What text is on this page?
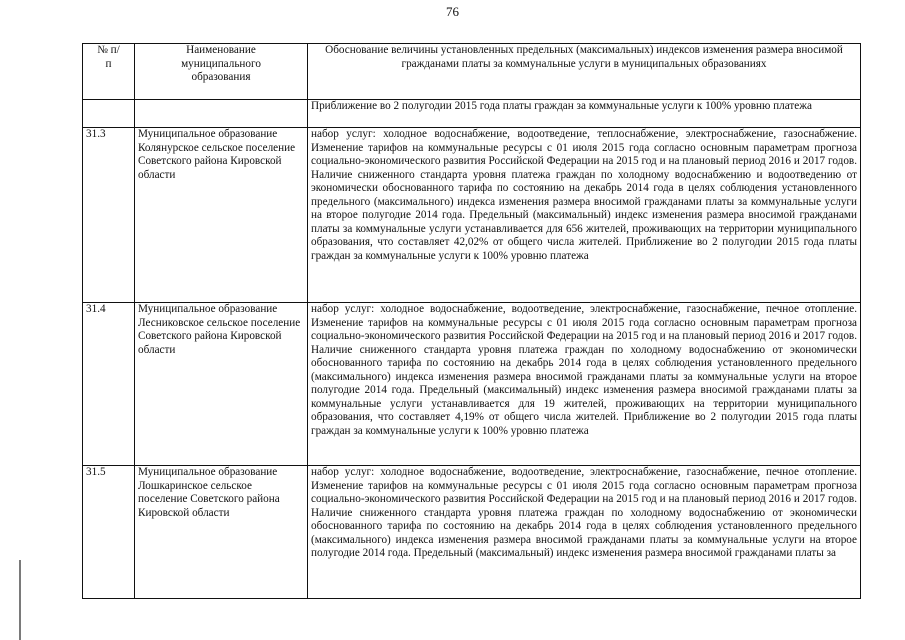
76
№ п/п	Наименование муниципального образования	Обоснование величины установленных предельных (максимальных) индексов изменения размера вносимой гражданами платы за коммунальные услуги в муниципальных образованиях
		Приближение во 2 полугодии 2015 года платы граждан за коммунальные услуги к 100% уровню платежа
31.3	Муниципальное образование Колянурское сельское поселение Советского района Кировской области	набор услуг: холодное водоснабжение, водоотведение, теплоснабжение, электроснабжение, газоснабжение. Изменение тарифов на коммунальные ресурсы с 01 июля 2015 года согласно основным параметрам прогноза социально-экономического развития Российской Федерации на 2015 год и на плановый период 2016 и 2017 годов. Наличие сниженного стандарта уровня платежа граждан по холодному водоснабжению и водоотведению от экономически обоснованного тарифа по состоянию на декабрь 2014 года в целях соблюдения установленного предельного (максимального) индекса изменения размера вносимой гражданами платы за коммунальные услуги на второе полугодие 2014 года. Предельный (максимальный) индекс изменения размера вносимой гражданами платы за коммунальные услуги устанавливается для 656 жителей, проживающих на территории муниципального образования, что составляет 42,02% от общего числа жителей. Приближение во 2 полугодии 2015 года платы граждан за коммунальные услуги к 100% уровню платежа
31.4	Муниципальное образование Лесниковское сельское поселение Советского района Кировской области	набор услуг: холодное водоснабжение, водоотведение, электроснабжение, газоснабжение, печное отопление. Изменение тарифов на коммунальные ресурсы с 01 июля 2015 года согласно основным параметрам прогноза социально-экономического развития Российской Федерации на 2015 год и на плановый период 2016 и 2017 годов. Наличие сниженного стандарта уровня платежа граждан по холодному водоснабжению от экономически обоснованного тарифа по состоянию на декабрь 2014 года в целях соблюдения установленного предельного (максимального) индекса изменения размера вносимой гражданами платы за коммунальные услуги на второе полугодие 2014 года. Предельный (максимальный) индекс изменения размера вносимой гражданами платы за коммунальные услуги устанавливается для 19 жителей, проживающих на территории муниципального образования, что составляет 4,19% от общего числа жителей. Приближение во 2 полугодии 2015 года платы граждан за коммунальные услуги к 100% уровню платежа
31.5	Муниципальное образование Лошкаринское сельское поселение Советского района Кировской области	набор услуг: холодное водоснабжение, водоотведение, электроснабжение, газоснабжение, печное отопление. Изменение тарифов на коммунальные ресурсы с 01 июля 2015 года согласно основным параметрам прогноза социально-экономического развития Российской Федерации на 2015 год и на плановый период 2016 и 2017 годов. Наличие сниженного стандарта уровня платежа граждан по холодному водоснабжению от экономически обоснованного тарифа по состоянию на декабрь 2014 года в целях соблюдения установленного предельного (максимального) индекса изменения размера вносимой гражданами платы за коммунальные услуги на второе полугодие 2014 года. Предельный (максимальный) индекс изменения размера вносимой гражданами платы за
